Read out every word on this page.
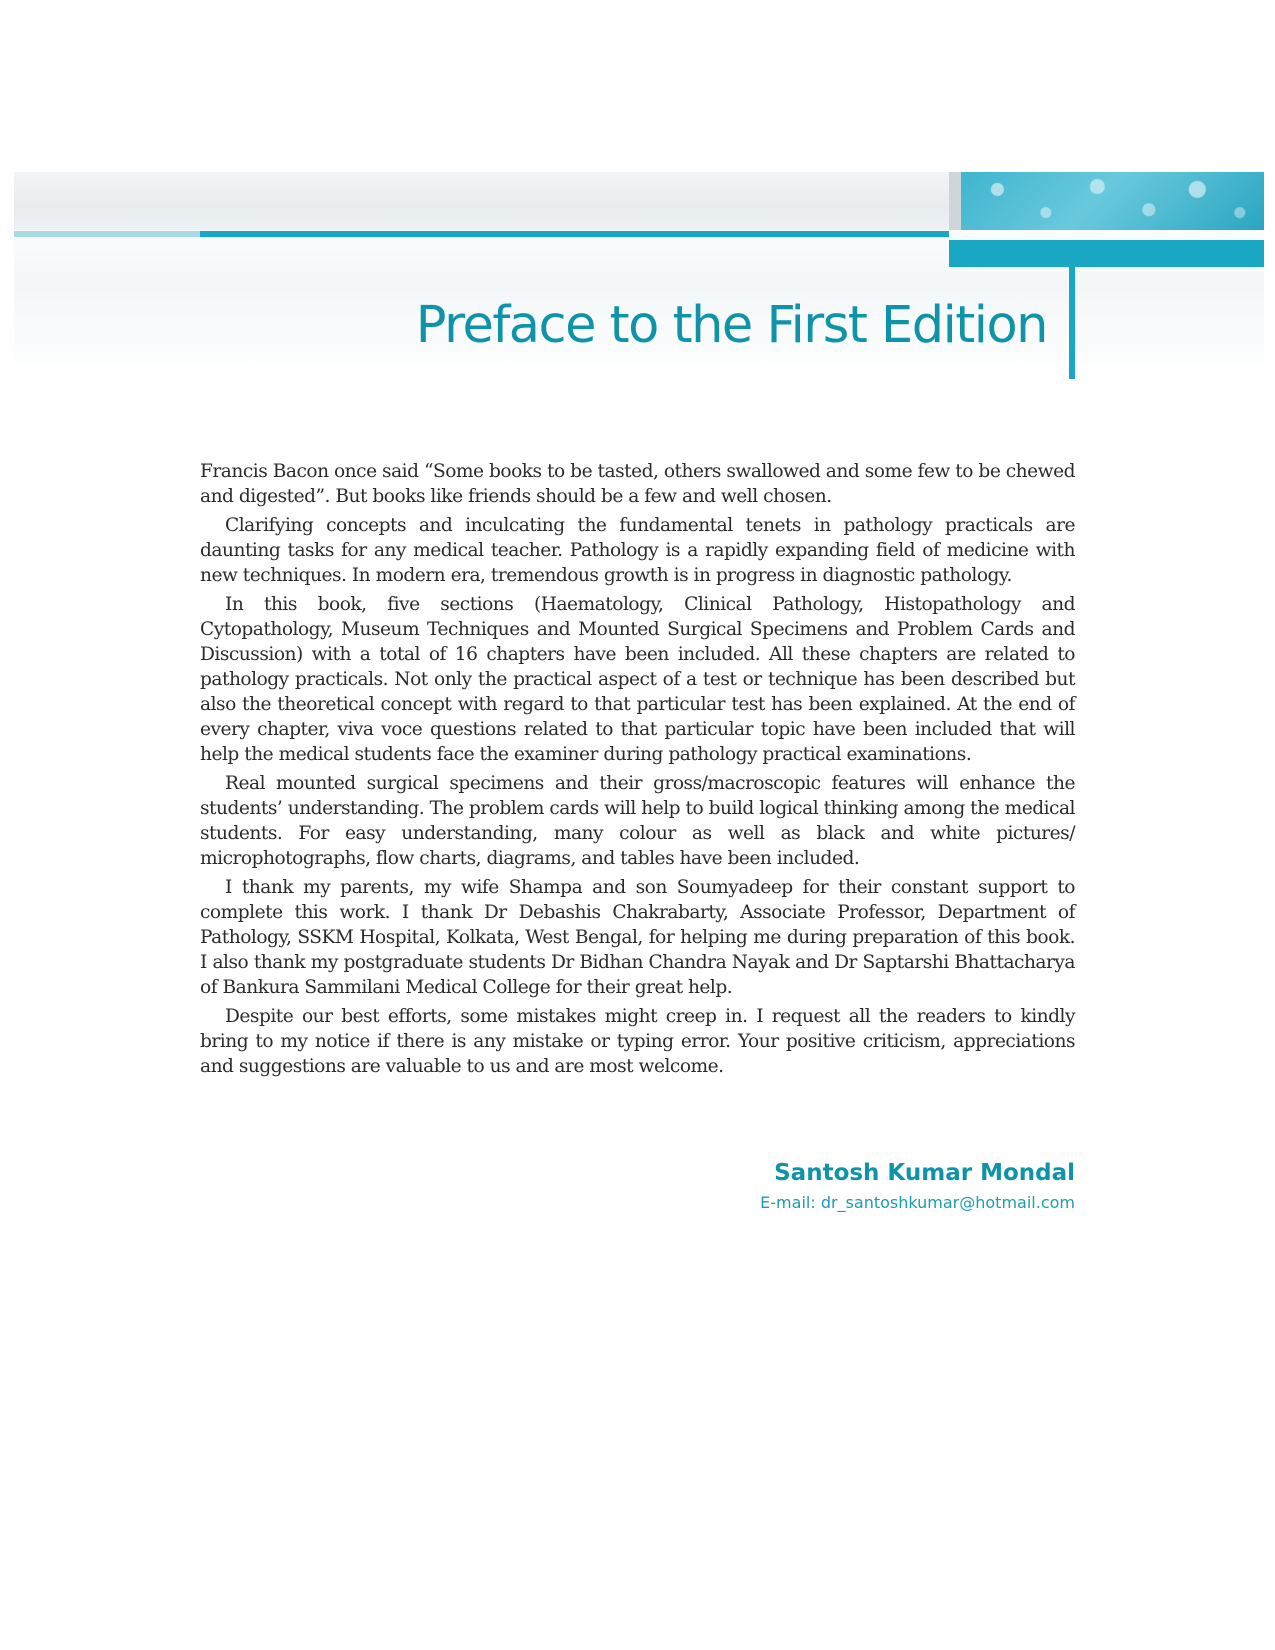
Preface to the First Edition

Francis Bacon once said “Some books to be tasted, others swallowed and some few to be chewed and digested”. But books like friends should be a few and well chosen.

Clarifying concepts and inculcating the fundamental tenets in pathology practicals are daunting tasks for any medical teacher. Pathology is a rapidly expanding field of medicine with new techniques. In modern era, tremendous growth is in progress in diagnostic pathology.

In this book, five sections (Haematology, Clinical Pathology, Histopathology and Cytopathology, Museum Techniques and Mounted Surgical Specimens and Problem Cards and Discussion) with a total of 16 chapters have been included. All these chapters are related to pathology practicals. Not only the practical aspect of a test or technique has been described but also the theoretical concept with regard to that particular test has been explained. At the end of every chapter, viva voce questions related to that particular topic have been included that will help the medical students face the examiner during pathology practical examinations.

Real mounted surgical specimens and their gross/macroscopic features will enhance the students’ understanding. The problem cards will help to build logical thinking among the medical students. For easy understanding, many colour as well as black and white pictures/ microphotographs, flow charts, diagrams, and tables have been included.

I thank my parents, my wife Shampa and son Soumyadeep for their constant support to complete this work. I thank Dr Debashis Chakrabarty, Associate Professor, Department of Pathology, SSKM Hospital, Kolkata, West Bengal, for helping me during preparation of this book. I also thank my postgraduate students Dr Bidhan Chandra Nayak and Dr Saptarshi Bhattacharya of Bankura Sammilani Medical College for their great help.

Despite our best efforts, some mistakes might creep in. I request all the readers to kindly bring to my notice if there is any mistake or typing error. Your positive criticism, appreciations and suggestions are valuable to us and are most welcome.

Santosh Kumar Mondal
E-mail: dr_santoshkumar@hotmail.com
